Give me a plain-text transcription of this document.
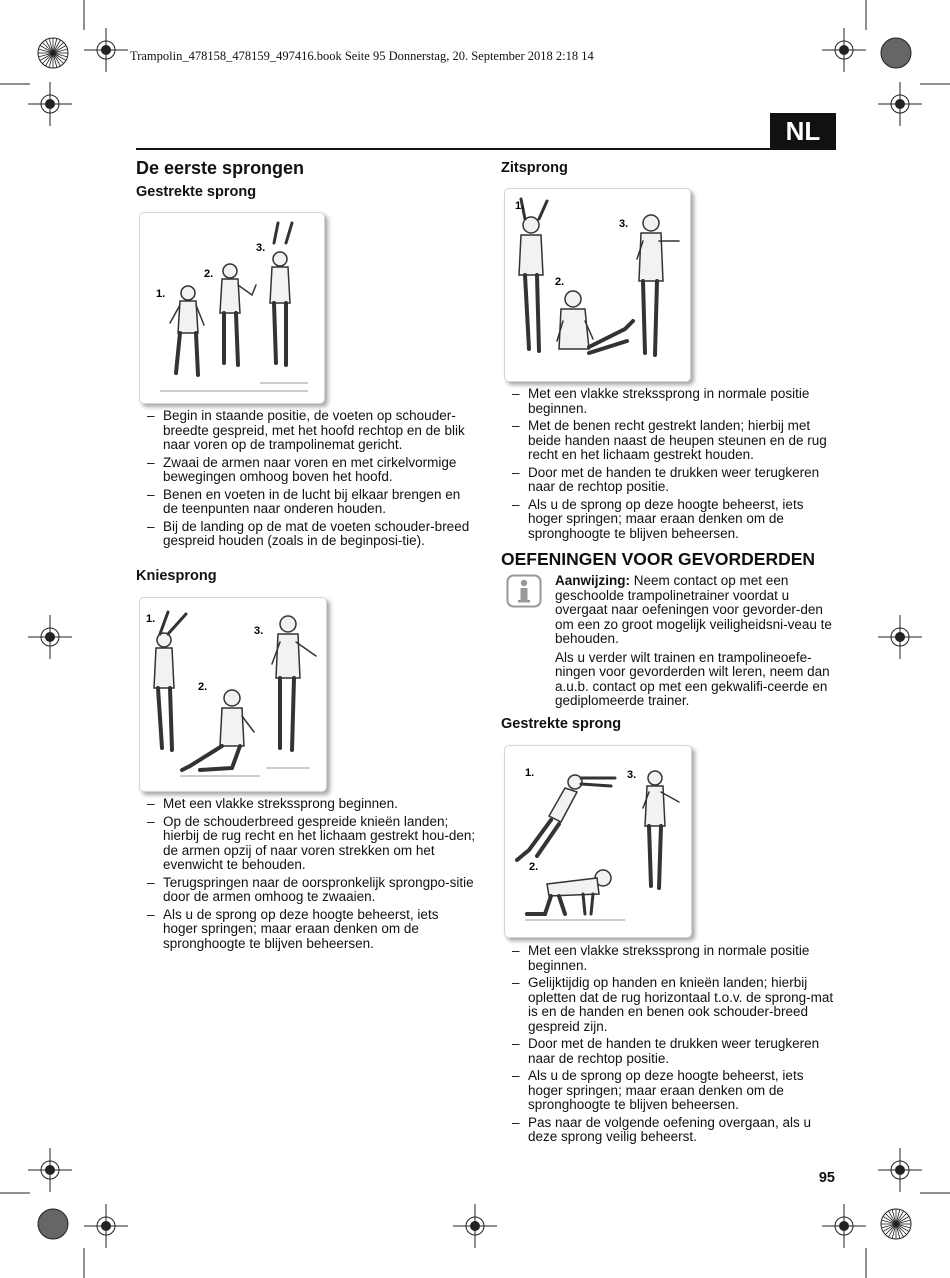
Trampolin_478158_478159_497416.book Seite 95 Donnerstag, 20. September 2018 2:18 14
NL
De eerste sprongen
Gestrekte sprong
1.
2.
3.
– Begin in staande positie, de voeten op schouder-breedte gespreid, met het hoofd rechtop en de blik naar voren op de trampolinemat gericht.
– Zwaai de armen naar voren en met cirkelvormige bewegingen omhoog boven het hoofd.
– Benen en voeten in de lucht bij elkaar brengen en de teenpunten naar onderen houden.
– Bij de landing op de mat de voeten schouder-breed gespreid houden (zoals in de beginposi-tie).
Kniesprong
1.
2.
3.
– Met een vlakke strekssprong beginnen.
– Op de schouderbreed gespreide knieën landen; hierbij de rug recht en het lichaam gestrekt hou-den; de armen opzij of naar voren strekken om het evenwicht te behouden.
– Terugspringen naar de oorspronkelijk sprongpo-sitie door de armen omhoog te zwaaien.
– Als u de sprong op deze hoogte beheerst, iets hoger springen; maar eraan denken om de spronghoogte te blijven beheersen.
Zitsprong
1.
2.
3.
– Met een vlakke strekssprong in normale positie beginnen.
– Met de benen recht gestrekt landen; hierbij met beide handen naast de heupen steunen en de rug recht en het lichaam gestrekt houden.
– Door met de handen te drukken weer terugkeren naar de rechtop positie.
– Als u de sprong op deze hoogte beheerst, iets hoger springen; maar eraan denken om de spronghoogte te blijven beheersen.
OEFENINGEN VOOR GEVORDERDEN

Aanwijzing: Neem contact op met een geschoolde trampolinetrainer voordat u overgaat naar oefeningen voor gevorder-den om een zo groot mogelijk veiligheidsni-veau te behouden.

Als u verder wilt trainen en trampolineoefe-ningen voor gevorderden wilt leren, neem dan a.u.b. contact op met een gekwalifi-ceerde en gediplomeerde trainer.

Gestrekte sprong
1.
2.
3.
– Met een vlakke strekssprong in normale positie beginnen.
– Gelijktijdig op handen en knieën landen; hierbij opletten dat de rug horizontaal t.o.v. de sprong-mat is en de handen en benen ook schouder-breed gespreid zijn.
– Door met de handen te drukken weer terugkeren naar de rechtop positie.
– Als u de sprong op deze hoogte beheerst, iets hoger springen; maar eraan denken om de spronghoogte te blijven beheersen.
– Pas naar de volgende oefening overgaan, als u deze sprong veilig beheerst.
95
